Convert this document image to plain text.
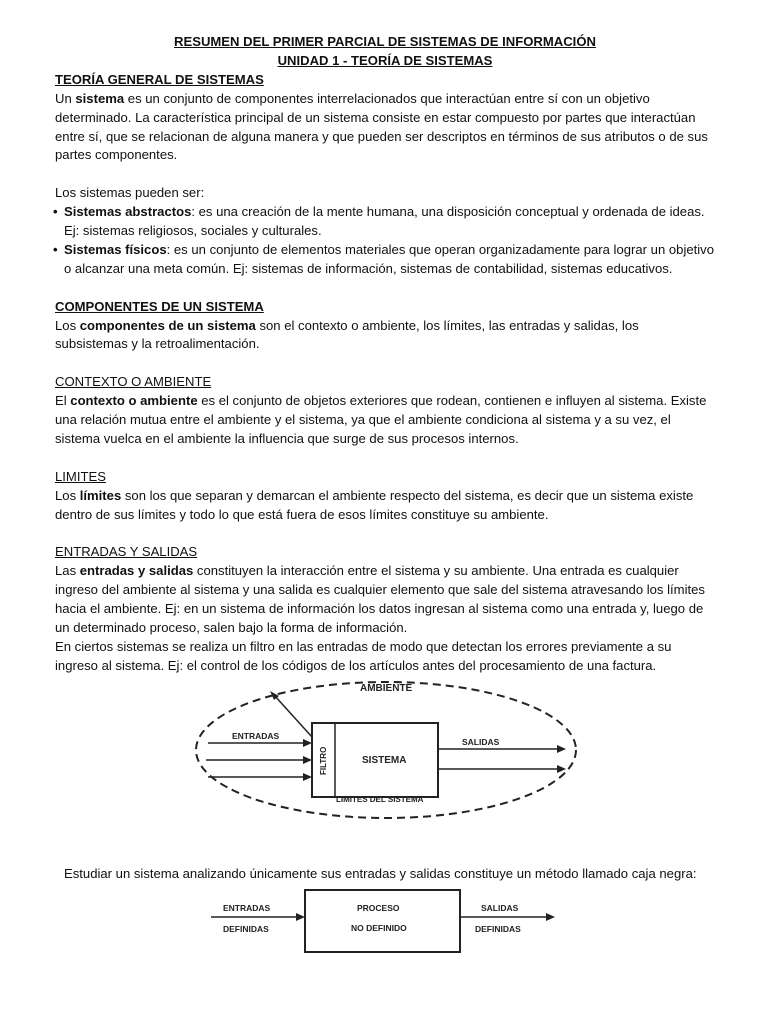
RESUMEN DEL PRIMER PARCIAL DE SISTEMAS DE INFORMACIÓN

UNIDAD 1 - TEORÍA DE SISTEMAS

TEORÍA GENERAL DE SISTEMAS

Un sistema es un conjunto de componentes interrelacionados que interactúan entre sí con un objetivo determinado. La característica principal de un sistema consiste en estar compuesto por partes que interactúan entre sí, que se relacionan de alguna manera y que pueden ser descriptos en términos de sus atributos o de sus partes componentes.

Los sistemas pueden ser:

• Sistemas abstractos: es una creación de la mente humana, una disposición conceptual y ordenada de ideas. Ej: sistemas religiosos, sociales y culturales.
• Sistemas físicos: es un conjunto de elementos materiales que operan organizadamente para lograr un objetivo o alcanzar una meta común. Ej: sistemas de información, sistemas de contabilidad, sistemas educativos.

COMPONENTES DE UN SISTEMA

Los componentes de un sistema son el contexto o ambiente, los límites, las entradas y salidas, los subsistemas y la retroalimentación.

CONTEXTO O AMBIENTE

El contexto o ambiente es el conjunto de objetos exteriores que rodean, contienen e influyen al sistema. Existe una relación mutua entre el ambiente y el sistema, ya que el ambiente condiciona al sistema y a su vez, el sistema vuelca en el ambiente la influencia que surge de sus procesos internos.

LIMITES

Los límites son los que separan y demarcan el ambiente respecto del sistema, es decir que un sistema existe dentro de sus límites y todo lo que está fuera de esos límites constituye su ambiente.

ENTRADAS Y SALIDAS

Las entradas y salidas constituyen la interacción entre el sistema y su ambiente. Una entrada es cualquier ingreso del ambiente al sistema y una salida es cualquier elemento que sale del sistema atravesando los límites hacia el ambiente. Ej: en un sistema de información los datos ingresan al sistema como una entrada y, luego de un determinado proceso, salen bajo la forma de información.

En ciertos sistemas se realiza un filtro en las entradas de modo que detectan los errores previamente a su ingreso al sistema. Ej: el control de los códigos de los artículos antes del procesamiento de una factura.

AMBIENTE
FILTRO	SISTEMA
ENTRADAS
SALIDAS
LIMITES DEL SISTEMA

Estudiar un sistema analizando únicamente sus entradas y salidas constituye un método llamado caja negra:

PROCESO
NO DEFINIDO
ENTRADAS
DEFINIDAS
SALIDAS
DEFINIDAS
